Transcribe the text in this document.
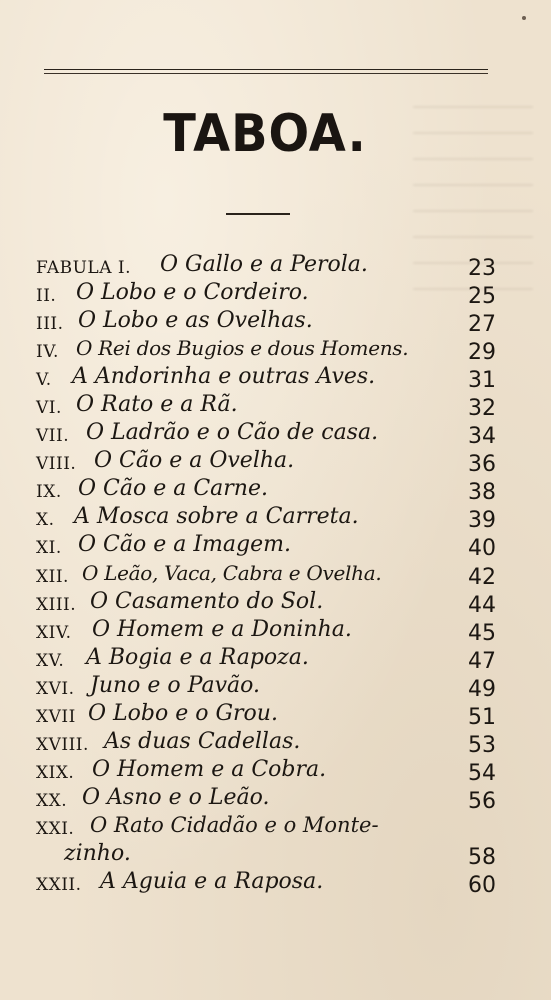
TABOA.
FABULA I. O Gallo e a Perola.	23
II. O Lobo e o Cordeiro.	25
III. O Lobo e as Ovelhas.	27
IV. O Rei dos Bugios e dous Homens.	29
V. A Andorinha e outras Aves.	31
VI. O Rato e a Rã.	32
VII. O Ladrão e o Cão de casa.	34
VIII. O Cão e a Ovelha.	36
IX. O Cão e a Carne.	38
X. A Mosca sobre a Carreta.	39
XI. O Cão e a Imagem.	40
XII. O Leão, Vaca, Cabra e Ovelha.	42
XIII. O Casamento do Sol.	44
XIV. O Homem e a Doninha.	45
XV. A Bogia e a Rapoza.	47
XVI. Juno e o Pavão.	49
XVII O Lobo e o Grou.	51
XVIII. As duas Cadellas.	53
XIX. O Homem e a Cobra.	54
XX. O Asno e o Leão.	56
XXI. O Rato Cidadão e o Monte-
zinho.	58
XXII. A Aguia e a Raposa.	60
